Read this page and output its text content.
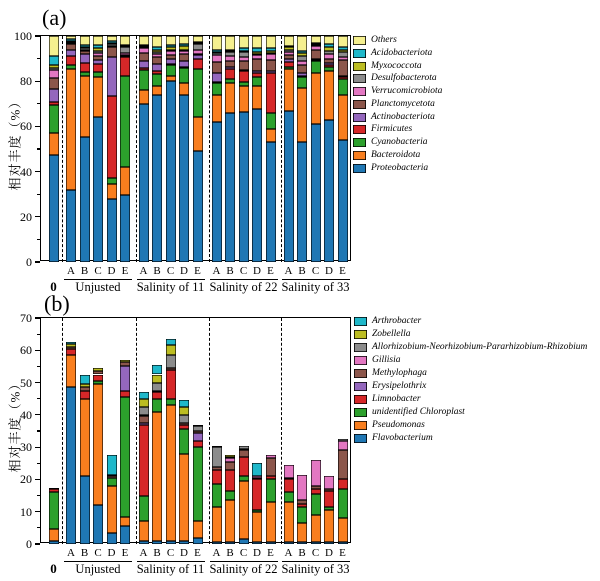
(a)
(b)
相对丰度（%）
相对丰度（%）
0
20
40
60
80
100
A B C D E A B C D E A B C D E A B C D E
0	Unjusted	Salinity of 11 Salinity of 22 Salinity of 33
0
10
20
30
40
50
60
70
A B C D E A B C D E A B C D E A B C D E
0	Unjusted	Salinity of 11 Salinity of 22 Salinity of 33
Others
Acidobacteriota
Myxococcota
Desulfobacterota
Verrucomicrobiota
Planctomycetota
Actinobacteriota
Firmicutes
Cyanobacteria
Bacteroidota
Proteobacteria
Arthrobacter
Zobellella
Allorhizobium-Neorhizobium-Pararhizobium-Rhizobium
Gillisia
Methylophaga
Erysipelothrix
Limnobacter
unidentified Chloroplast
Pseudomonas
Flavobacterium
